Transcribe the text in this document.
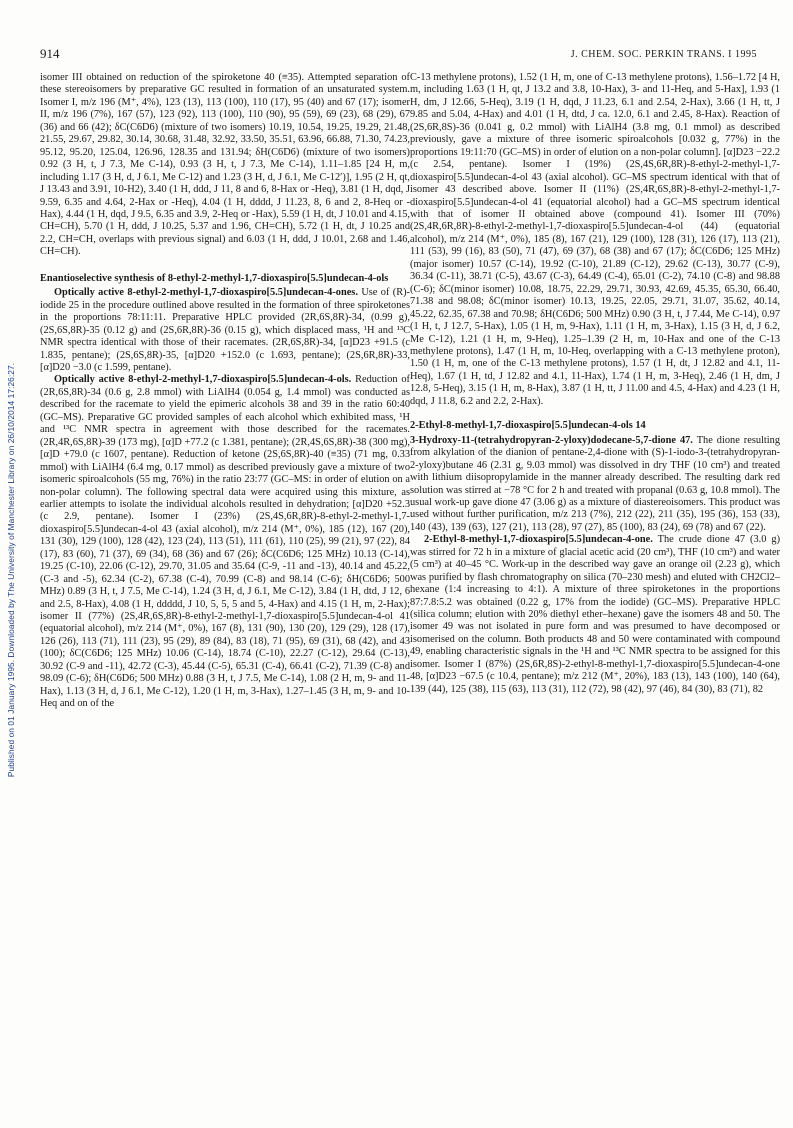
Published on 01 January 1995. Downloaded by The University of Manchester Library on 26/10/2014 17:26:27.
914	J. CHEM. SOC. PERKIN TRANS. I 1995

isomer III obtained on reduction of the spiroketone 40 (≡35). Attempted separation of these stereoisomers by preparative GC resulted in formation of an unsaturated system. Isomer I, m/z 196 (M⁺, 4%), 123 (13), 113 (100), 110 (17), 95 (40) and 67 (17); isomer II, m/z 196 (7%), 167 (57), 123 (92), 113 (100), 110 (90), 95 (59), 69 (23), 68 (29), 67 (36) and 66 (42); δC(C6D6) (mixture of two isomers) 10.19, 10.54, 19.25, 19.29, 21.48, 21.55, 29.67, 29.82, 30.14, 30.68, 31.48, 32.92, 33.50, 35.51, 63.96, 66.88, 71.30, 74.23, 95.12, 95.20, 125.04, 126.96, 128.35 and 131.94; δH(C6D6) (mixture of two isomers) 0.92 (3 H, t, J 7.3, Me C-14), 0.93 (3 H, t, J 7.3, Me C-14), 1.11–1.85 [24 H, m, including 1.17 (3 H, d, J 6.1, Me C-12) and 1.23 (3 H, d, J 6.1, Me C-12′)], 1.95 (2 H, qt, J 13.43 and 3.91, 10-H2), 3.40 (1 H, ddd, J 11, 8 and 6, 8-Hax or -Heq), 3.81 (1 H, dqd, J 9.59, 6.35 and 4.64, 2-Hax or -Heq), 4.04 (1 H, dddd, J 11.23, 8, 6 and 2, 8-Heq or -Hax), 4.44 (1 H, dqd, J 9.5, 6.35 and 3.9, 2-Heq or -Hax), 5.59 (1 H, dt, J 10.01 and 4.15, CH=CH), 5.70 (1 H, ddd, J 10.25, 5.37 and 1.96, CH=CH), 5.72 (1 H, dt, J 10.25 and 2.2, CH=CH, overlaps with previous signal) and 6.03 (1 H, ddd, J 10.01, 2.68 and 1.46, CH=CH).

Enantioselective synthesis of 8-ethyl-2-methyl-1,7-dioxaspiro[5.5]undecan-4-ols

Optically active 8-ethyl-2-methyl-1,7-dioxaspiro[5.5]undecan-4-ones. Use of (R)-iodide 25 in the procedure outlined above resulted in the formation of three spiroketones in the proportions 78:11:11. Preparative HPLC provided (2R,6S,8R)-34, (0.99 g), (2S,6S,8R)-35 (0.12 g) and (2S,6R,8R)-36 (0.15 g), which displaced mass, ¹H and ¹³C NMR spectra identical with those of their racemates. (2R,6S,8R)-34, [α]D23 +91.5 (c 1.835, pentane); (2S,6S,8R)-35, [α]D20 +152.0 (c 1.693, pentane); (2S,6R,8R)-33, [α]D20 −3.0 (c 1.599, pentane).

Optically active 8-ethyl-2-methyl-1,7-dioxaspiro[5.5]undecan-4-ols. Reduction of (2R,6S,8R)-34 (0.6 g, 2.8 mmol) with LiAlH4 (0.054 g, 1.4 mmol) was conducted as described for the racemate to yield the epimeric alcohols 38 and 39 in the ratio 60:40 (GC–MS). Preparative GC provided samples of each alcohol which exhibited mass, ¹H and ¹³C NMR spectra in agreement with those described for the racemates. (2R,4R,6S,8R)-39 (173 mg), [α]D +77.2 (c 1.381, pentane); (2R,4S,6S,8R)-38 (300 mg), [α]D +79.0 (c 1607, pentane). Reduction of ketone (2S,6S,8R)-40 (≡35) (71 mg, 0.33 mmol) with LiAlH4 (6.4 mg, 0.17 mmol) as described previously gave a mixture of two isomeric spiroalcohols (55 mg, 76%) in the ratio 23:77 (GC–MS: in order of elution on a non-polar column). The following spectral data were acquired using this mixture, as earlier attempts to isolate the individual alcohols resulted in dehydration; [α]D20 +52.3 (c 2.9, pentane). Isomer I (23%) (2S,4S,6R,8R)-8-ethyl-2-methyl-1,7-dioxaspiro[5.5]undecan-4-ol 43 (axial alcohol), m/z 214 (M⁺, 0%), 185 (12), 167 (20), 131 (30), 129 (100), 128 (42), 123 (24), 113 (51), 111 (61), 110 (25), 99 (21), 97 (22), 84 (17), 83 (60), 71 (37), 69 (34), 68 (36) and 67 (26); δC(C6D6; 125 MHz) 10.13 (C-14), 19.25 (C-10), 22.06 (C-12), 29.70, 31.05 and 35.64 (C-9, -11 and -13), 40.14 and 45.22, (C-3 and -5), 62.34 (C-2), 67.38 (C-4), 70.99 (C-8) and 98.14 (C-6); δH(C6D6; 500 MHz) 0.89 (3 H, t, J 7.5, Me C-14), 1.24 (3 H, d, J 6.1, Me C-12), 3.84 (1 H, dtd, J 12, 6 and 2.5, 8-Hax), 4.08 (1 H, ddddd, J 10, 5, 5, 5 and 5, 4-Hax) and 4.15 (1 H, m, 2-Hax); isomer II (77%) (2S,4R,6S,8R)-8-ethyl-2-methyl-1,7-dioxaspiro[5.5]undecan-4-ol 41 (equatorial alcohol), m/z 214 (M⁺, 0%), 167 (8), 131 (90), 130 (20), 129 (29), 128 (17), 126 (26), 113 (71), 111 (23), 95 (29), 89 (84), 83 (18), 71 (95), 69 (31), 68 (42), and 43 (100); δC(C6D6; 125 MHz) 10.06 (C-14), 18.74 (C-10), 22.27 (C-12), 29.64 (C-13), 30.92 (C-9 and -11), 42.72 (C-3), 45.44 (C-5), 65.31 (C-4), 66.41 (C-2), 71.39 (C-8) and 98.09 (C-6); δH(C6D6; 500 MHz) 0.88 (3 H, t, J 7.5, Me C-14), 1.08 (2 H, m, 9- and 11-Hax), 1.13 (3 H, d, J 6.1, Me C-12), 1.20 (1 H, m, 3-Hax), 1.27–1.45 (3 H, m, 9- and 10-Heq and on of the

C-13 methylene protons), 1.52 (1 H, m, one of C-13 methylene protons), 1.56–1.72 [4 H, m, including 1.63 (1 H, qt, J 13.2 and 3.8, 10-Hax), 3- and 11-Heq, and 5-Hax], 1.93 (1 H, dm, J 12.66, 5-Heq), 3.19 (1 H, dqd, J 11.23, 6.1 and 2.54, 2-Hax), 3.66 (1 H, tt, J 9.85 and 5.04, 4-Hax) and 4.01 (1 H, dtd, J ca. 12.0, 6.1 and 2.45, 8-Hax). Reaction of (2S,6R,8S)-36 (0.041 g, 0.2 mmol) with LiAlH4 (3.8 mg, 0.1 mmol) as described previously, gave a mixture of three isomeric spiroalcohols [0.032 g, 77%) in the proportions 19:11:70 (GC–MS) in order of elution on a non-polar column]. [α]D23 −22.2 (c 2.54, pentane). Isomer I (19%) (2S,4S,6R,8R)-8-ethyl-2-methyl-1,7-dioxaspiro[5.5]undecan-4-ol 43 (axial alcohol). GC–MS spectrum identical with that of isomer 43 described above. Isomer II (11%) (2S,4R,6S,8R)-8-ethyl-2-methyl-1,7-dioxaspiro[5.5]undecan-4-ol 41 (equatorial alcohol) had a GC–MS spectrum identical with that of isomer II obtained above (compound 41). Isomer III (70%) (2S,4R,6R,8R)-8-ethyl-2-methyl-1,7-dioxaspiro[5.5]undecan-4-ol (44) (equatorial alcohol), m/z 214 (M⁺, 0%), 185 (8), 167 (21), 129 (100), 128 (31), 126 (17), 113 (21), 111 (53), 99 (16), 83 (50), 71 (47), 69 (37), 68 (38) and 67 (17); δC(C6D6; 125 MHz) (major isomer) 10.57 (C-14), 19.92 (C-10), 21.89 (C-12), 29.62 (C-13), 30.77 (C-9), 36.34 (C-11), 38.71 (C-5), 43.67 (C-3), 64.49 (C-4), 65.01 (C-2), 74.10 (C-8) and 98.88 (C-6); δC(minor isomer) 10.08, 18.75, 22.29, 29.71, 30.93, 42.69, 45.35, 65.30, 66.40, 71.38 and 98.08; δC(minor isomer) 10.13, 19.25, 22.05, 29.71, 31.07, 35.62, 40.14, 45.22, 62.35, 67.38 and 70.98; δH(C6D6; 500 MHz) 0.90 (3 H, t, J 7.44, Me C-14), 0.97 (1 H, t, J 12.7, 5-Hax), 1.05 (1 H, m, 9-Hax), 1.11 (1 H, m, 3-Hax), 1.15 (3 H, d, J 6.2, Me C-12), 1.21 (1 H, m, 9-Heq), 1.25–1.39 (2 H, m, 10-Hax and one of the C-13 methylene protons), 1.47 (1 H, m, 10-Heq, overlapping with a C-13 methylene proton), 1.50 (1 H, m, one of the C-13 methylene protons), 1.57 (1 H, dt, J 12.82 and 4.1, 11-Heq), 1.67 (1 H, td, J 12.82 and 4.1, 11-Hax), 1.74 (1 H, m, 3-Heq), 2.46 (1 H, dm, J 12.8, 5-Heq), 3.15 (1 H, m, 8-Hax), 3.87 (1 H, tt, J 11.00 and 4.5, 4-Hax) and 4.23 (1 H, dqd, J 11.8, 6.2 and 2.2, 2-Hax).

2-Ethyl-8-methyl-1,7-dioxaspiro[5.5]undecan-4-ols 14

3-Hydroxy-11-(tetrahydropyran-2-yloxy)dodecane-5,7-dione 47. The dione resulting from alkylation of the dianion of pentane-2,4-dione with (S)-1-iodo-3-(tetrahydropyran-2-yloxy)butane 46 (2.31 g, 9.03 mmol) was dissolved in dry THF (10 cm³) and treated with lithium diisopropylamide in the manner already described. The resulting dark red solution was stirred at −78 °C for 2 h and treated with propanal (0.63 g, 10.8 mmol). The usual work-up gave dione 47 (3.06 g) as a mixture of diastereoisomers. This product was used without further purification, m/z 213 (7%), 212 (22), 211 (35), 195 (36), 153 (33), 140 (43), 139 (63), 127 (21), 113 (28), 97 (27), 85 (100), 83 (24), 69 (78) and 67 (22).

2-Ethyl-8-methyl-1,7-dioxaspiro[5.5]undecan-4-one. The crude dione 47 (3.0 g) was stirred for 72 h in a mixture of glacial acetic acid (20 cm³), THF (10 cm³) and water (5 cm³) at 40–45 °C. Work-up in the described way gave an orange oil (2.23 g), which was purified by flash chromatography on silica (70–230 mesh) and eluted with CH2Cl2–hexane (1:4 increasing to 4:1). A mixture of three spiroketones in the proportions 87:7.8:5.2 was obtained (0.22 g, 17% from the iodide) (GC–MS). Preparative HPLC (silica column; elution with 20% diethyl ether–hexane) gave the isomers 48 and 50. The isomer 49 was not isolated in pure form and was presumed to have decomposed or isomerised on the column. Both products 48 and 50 were contaminated with compound 49, enabling characteristic signals in the ¹H and ¹³C NMR spectra to be assigned for this isomer. Isomer I (87%) (2S,6R,8S)-2-ethyl-8-methyl-1,7-dioxaspiro[5.5]undecan-4-one 48, [α]D23 −67.5 (c 10.4, pentane); m/z 212 (M⁺, 20%), 183 (13), 143 (100), 140 (64), 139 (44), 125 (38), 115 (63), 113 (31), 112 (72), 98 (42), 97 (46), 84 (30), 83 (71), 82
